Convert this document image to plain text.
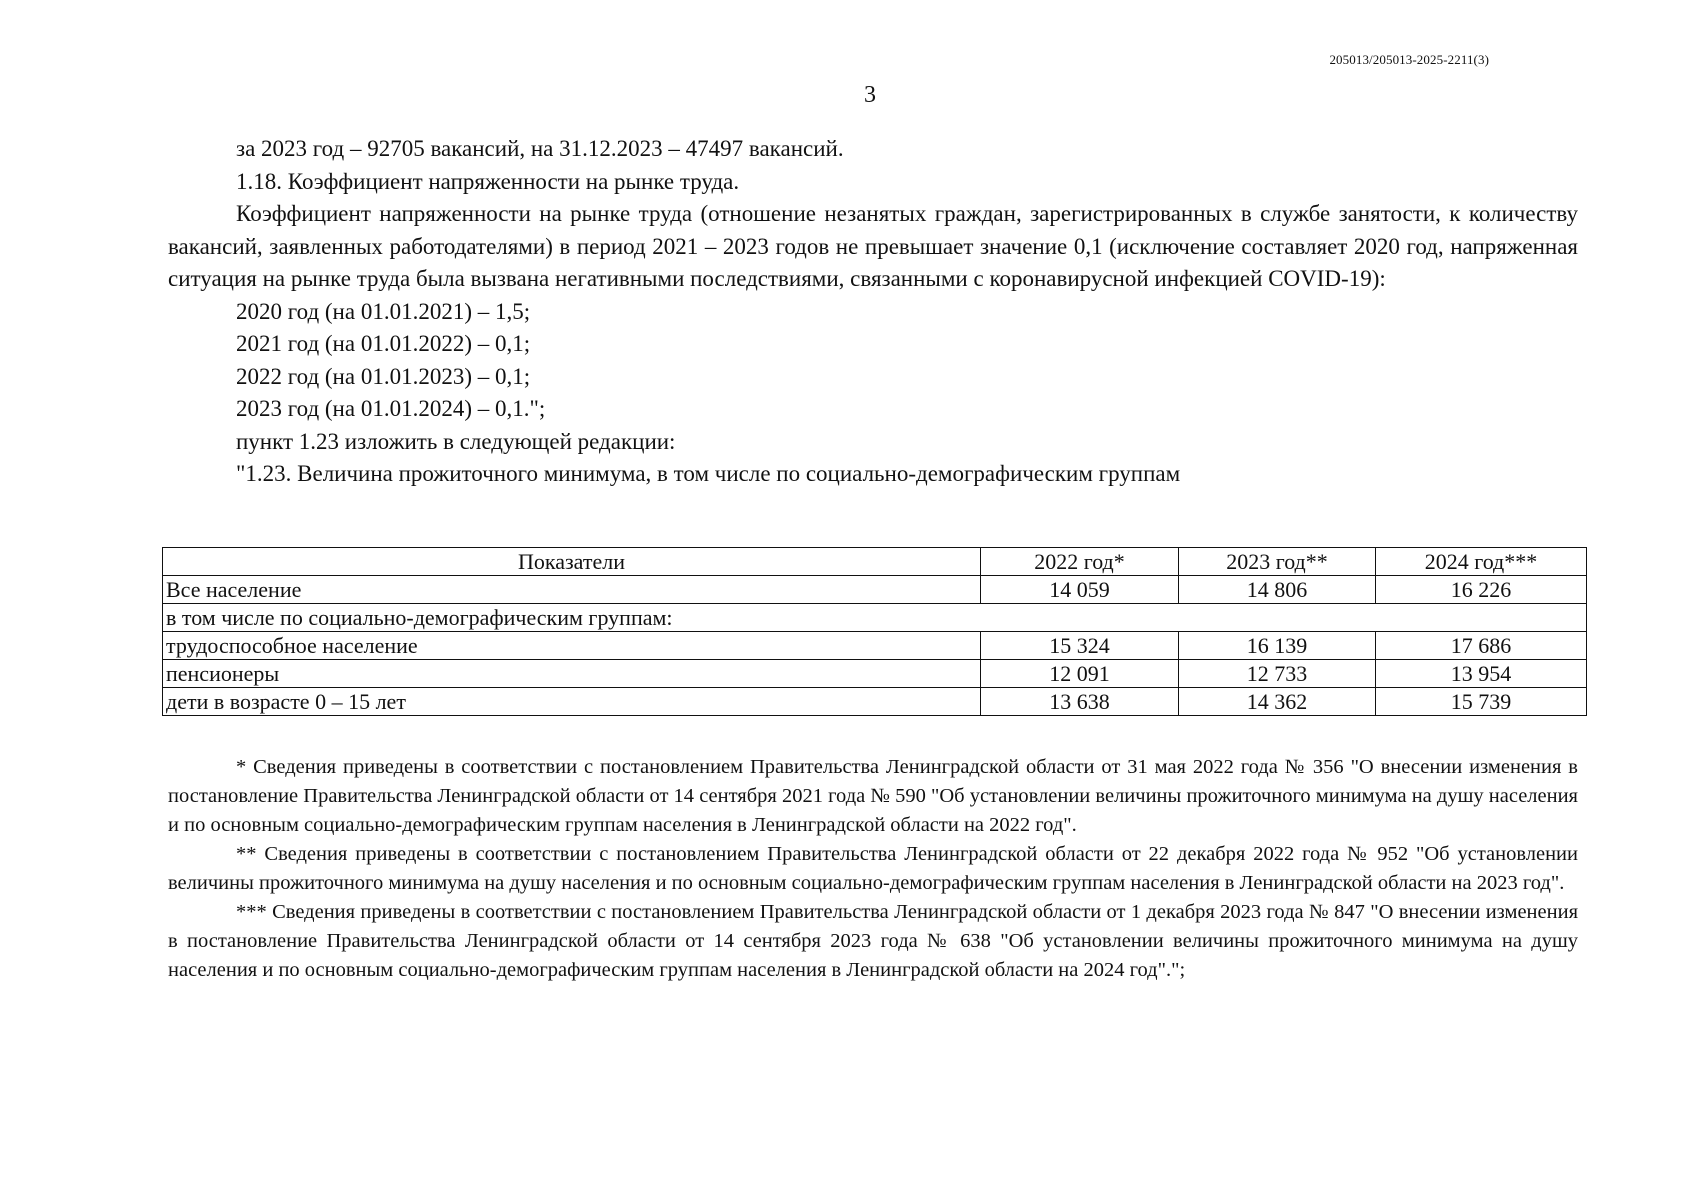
205013/205013-2025-2211(3)
3

за 2023 год – 92705 вакансий, на 31.12.2023 – 47497 вакансий.

1.18. Коэффициент напряженности на рынке труда.

Коэффициент напряженности на рынке труда (отношение незанятых граждан, зарегистрированных в службе занятости, к количеству вакансий, заявленных работодателями) в период 2021 – 2023 годов не превышает значение 0,1 (исключение составляет 2020 год, напряженная ситуация на рынке труда была вызвана негативными последствиями, связанными с коронавирусной инфекцией COVID-19):

2020 год (на 01.01.2021) – 1,5;

2021 год (на 01.01.2022) – 0,1;

2022 год (на 01.01.2023) – 0,1;

2023 год (на 01.01.2024) – 0,1.";

пункт 1.23 изложить в следующей редакции:

"1.23. Величина прожиточного минимума, в том числе по социально-демографическим группам

Показатели	2022 год*	2023 год**	2024 год***
Все население	14 059	14 806	16 226
в том числе по социально-демографическим группам:			
трудоспособное население	15 324	16 139	17 686
пенсионеры	12 091	12 733	13 954
дети в возрасте 0 – 15 лет	13 638	14 362	15 739

* Сведения приведены в соответствии с постановлением Правительства Ленинградской области от 31 мая 2022 года № 356 "О внесении изменения в постановление Правительства Ленинградской области от 14 сентября 2021 года № 590 "Об установлении величины прожиточного минимума на душу населения и по основным социально-демографическим группам населения в Ленинградской области на 2022 год".

** Сведения приведены в соответствии с постановлением Правительства Ленинградской области от 22 декабря 2022 года № 952 "Об установлении величины прожиточного минимума на душу населения и по основным социально-демографическим группам населения в Ленинградской области на 2023 год".

*** Сведения приведены в соответствии с постановлением Правительства Ленинградской области от 1 декабря 2023 года № 847 "О внесении изменения в постановление Правительства Ленинградской области от 14 сентября 2023 года № 638 "Об установлении величины прожиточного минимума на душу населения и по основным социально-демографическим группам населения в Ленинградской области на 2024 год".";
